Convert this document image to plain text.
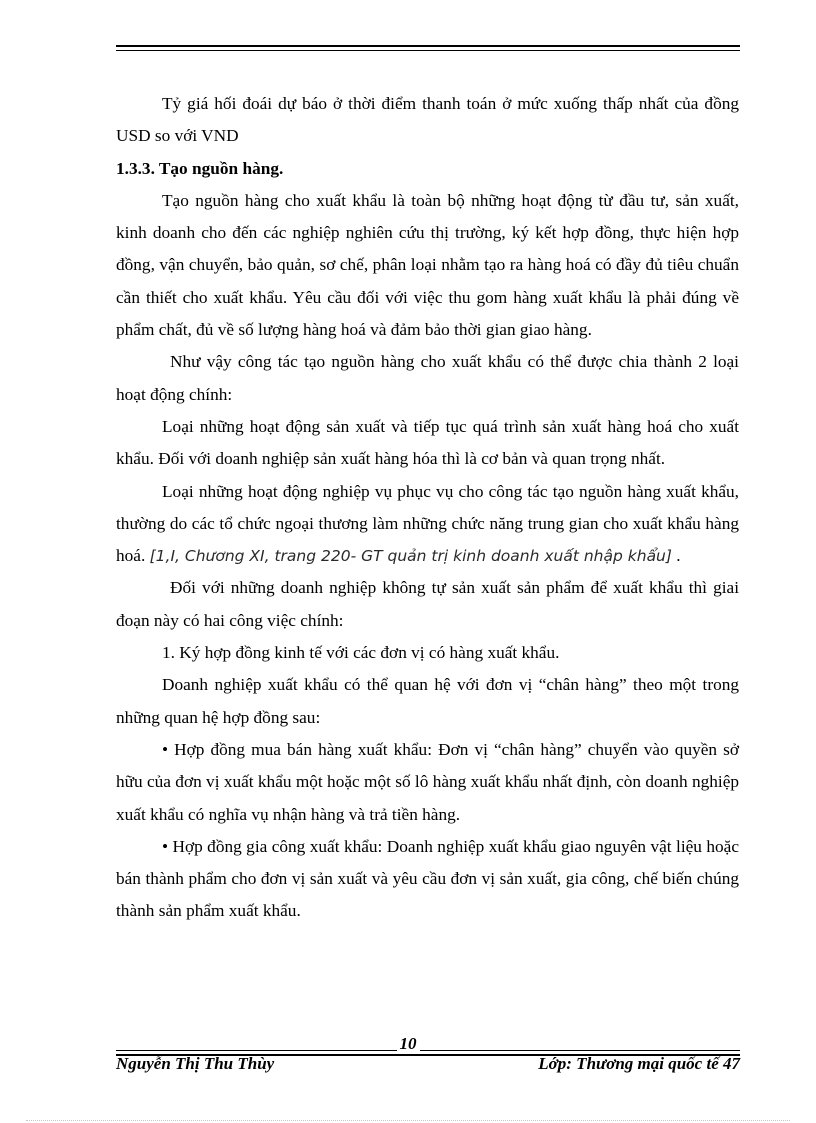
Tỷ giá hối đoái dự báo ở thời điểm thanh toán ở mức xuống thấp nhất của đồng USD so với VND

1.3.3. Tạo nguồn hàng.

Tạo nguồn hàng cho xuất khẩu là toàn bộ những hoạt động từ đầu tư, sản xuất, kinh doanh cho đến các nghiệp nghiên cứu thị trường, ký kết hợp đồng, thực hiện hợp đồng, vận chuyển, bảo quản, sơ chế, phân loại nhằm tạo ra hàng hoá có đầy đủ tiêu chuẩn cần thiết cho xuất khẩu. Yêu cầu đối với việc thu gom hàng xuất khẩu là phải đúng về phẩm chất, đủ về số lượng hàng hoá và đảm bảo thời gian giao hàng.

Như vậy công tác tạo nguồn hàng cho xuất khẩu có thể được chia thành 2 loại hoạt động chính:

Loại những hoạt động sản xuất và tiếp tục quá trình sản xuất hàng hoá cho xuất khẩu. Đối với doanh nghiệp sản xuất hàng hóa thì là cơ bản và quan trọng nhất.

Loại những hoạt động nghiệp vụ phục vụ cho công tác tạo nguồn hàng xuất khẩu, thường do các tổ chức ngoại thương làm những chức năng trung gian cho xuất khẩu hàng hoá. [1,I, Chương XI, trang 220- GT quản trị kinh doanh xuất nhập khẩu] .

Đối với những doanh nghiệp không tự sản xuất sản phẩm để xuất khẩu thì giai đoạn này có hai công việc chính:

1. Ký hợp đồng kinh tế với các đơn vị có hàng xuất khẩu.

Doanh nghiệp xuất khẩu có thể quan hệ với đơn vị “chân hàng” theo một trong những quan hệ hợp đồng sau:

• Hợp đồng mua bán hàng xuất khẩu: Đơn vị “chân hàng” chuyển vào quyền sở hữu của đơn vị xuất khẩu một hoặc một số lô hàng xuất khẩu nhất định, còn doanh nghiệp xuất khẩu có nghĩa vụ nhận hàng và trả tiền hàng.

• Hợp đồng gia công xuất khẩu: Doanh nghiệp xuất khẩu giao nguyên vật liệu hoặc bán thành phẩm cho đơn vị sản xuất và yêu cầu đơn vị sản xuất, gia công, chế biến chúng thành sản phẩm xuất khẩu.

10
Nguyễn Thị Thu Thùy	Lớp: Thương mại quốc tế 47
